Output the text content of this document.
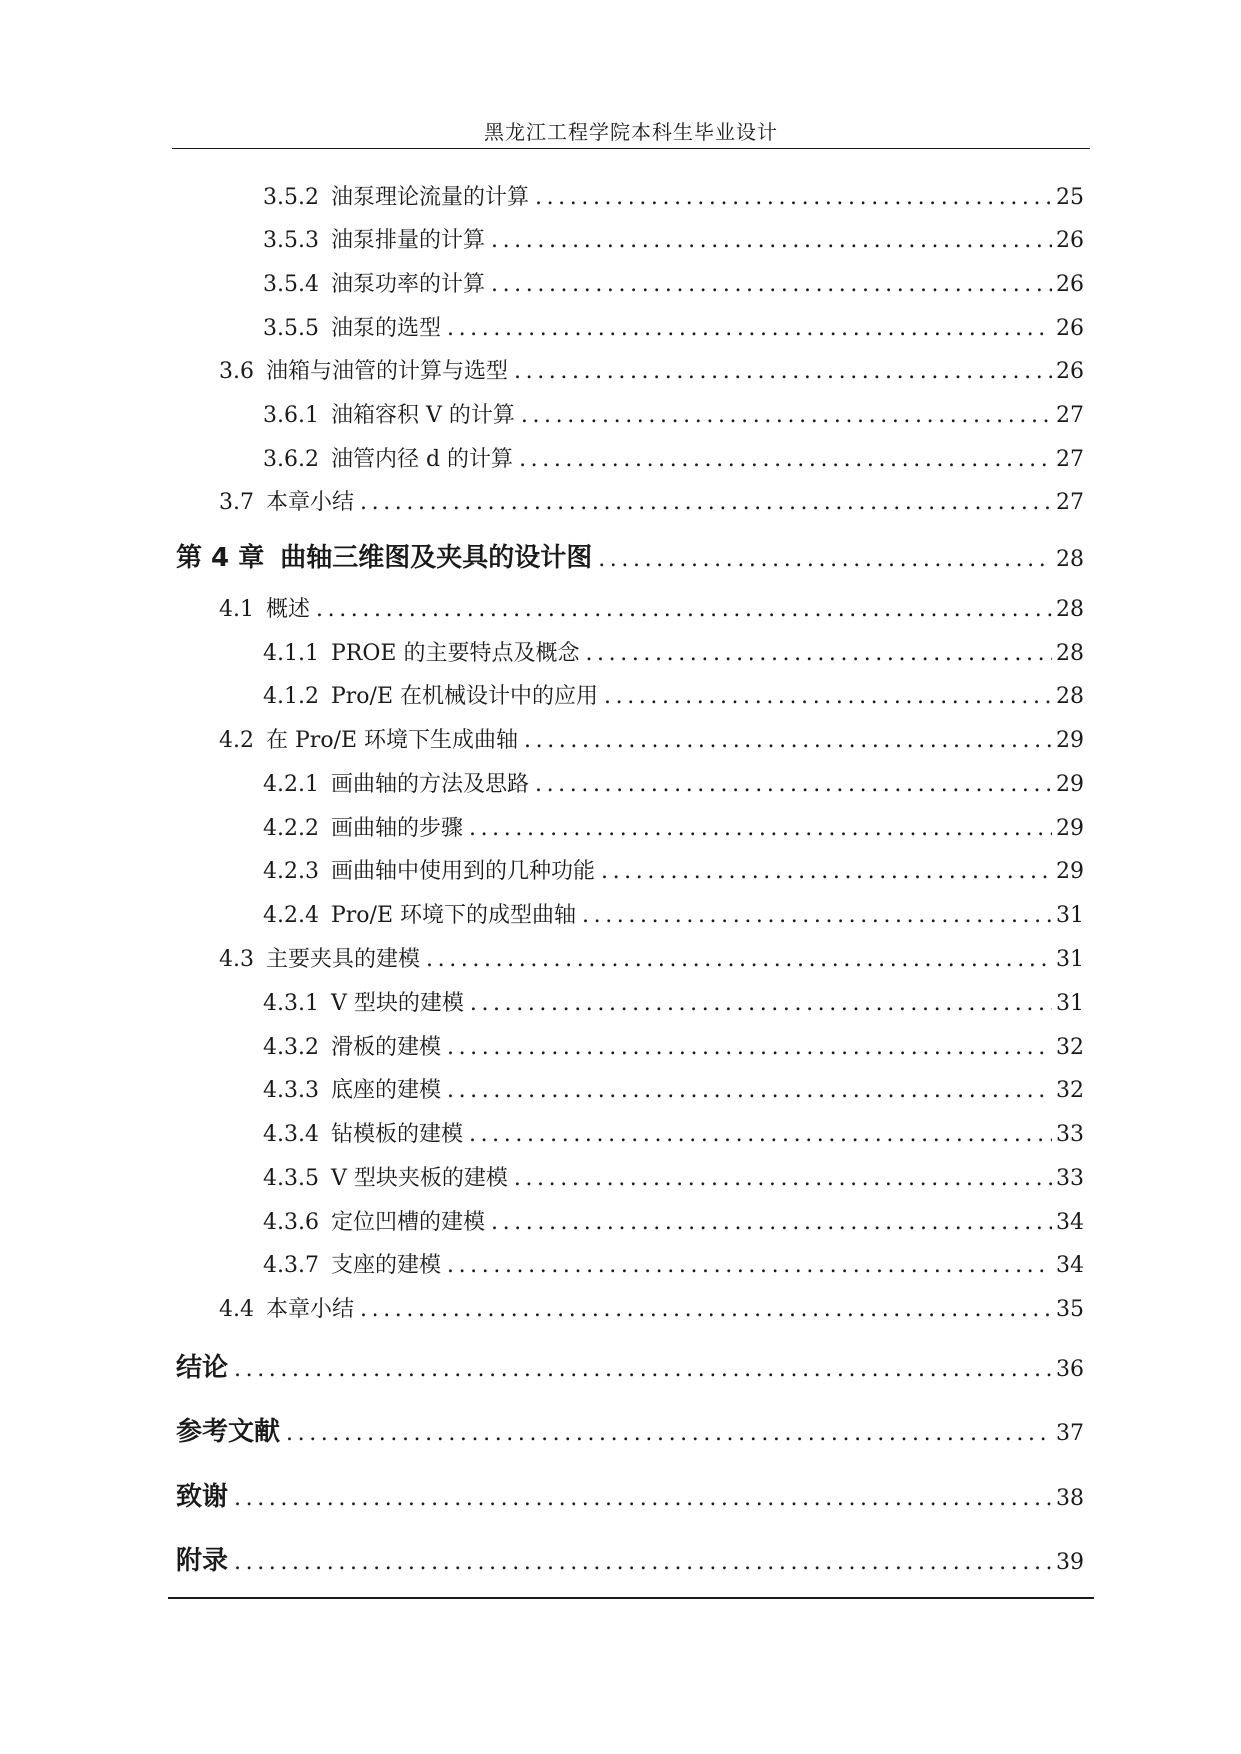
黑龙江工程学院本科生毕业设计
3.5.2 油泵理论流量的计算 .....	25
3.5.3 油泵排量的计算 .....	26
3.5.4 油泵功率的计算 .....	26
3.5.5 油泵的选型 .....	26
3.6 油箱与油管的计算与选型 .....	26
3.6.1 油箱容积 V 的计算 .....	27
3.6.2 油管内径 d 的计算 .....	27
3.7 本章小结 .....	27
第 4 章 曲轴三维图及夹具的设计图 .....	28
4.1 概述 .....	28
4.1.1 PROE 的主要特点及概念 .....	28
4.1.2 Pro/E 在机械设计中的应用 .....	28
4.2 在 Pro/E 环境下生成曲轴 .....	29
4.2.1 画曲轴的方法及思路 .....	29
4.2.2 画曲轴的步骤 .....	29
4.2.3 画曲轴中使用到的几种功能 .....	29
4.2.4 Pro/E 环境下的成型曲轴 .....	31
4.3 主要夹具的建模 .....	31
4.3.1 V 型块的建模 .....	31
4.3.2 滑板的建模 .....	32
4.3.3 底座的建模 .....	32
4.3.4 钻模板的建模 .....	33
4.3.5 V 型块夹板的建模 .....	33
4.3.6 定位凹槽的建模 .....	34
4.3.7 支座的建模 .....	34
4.4 本章小结 .....	35
结论 .....	36
参考文献 .....	37
致谢 .....	38
附录 .....	39
